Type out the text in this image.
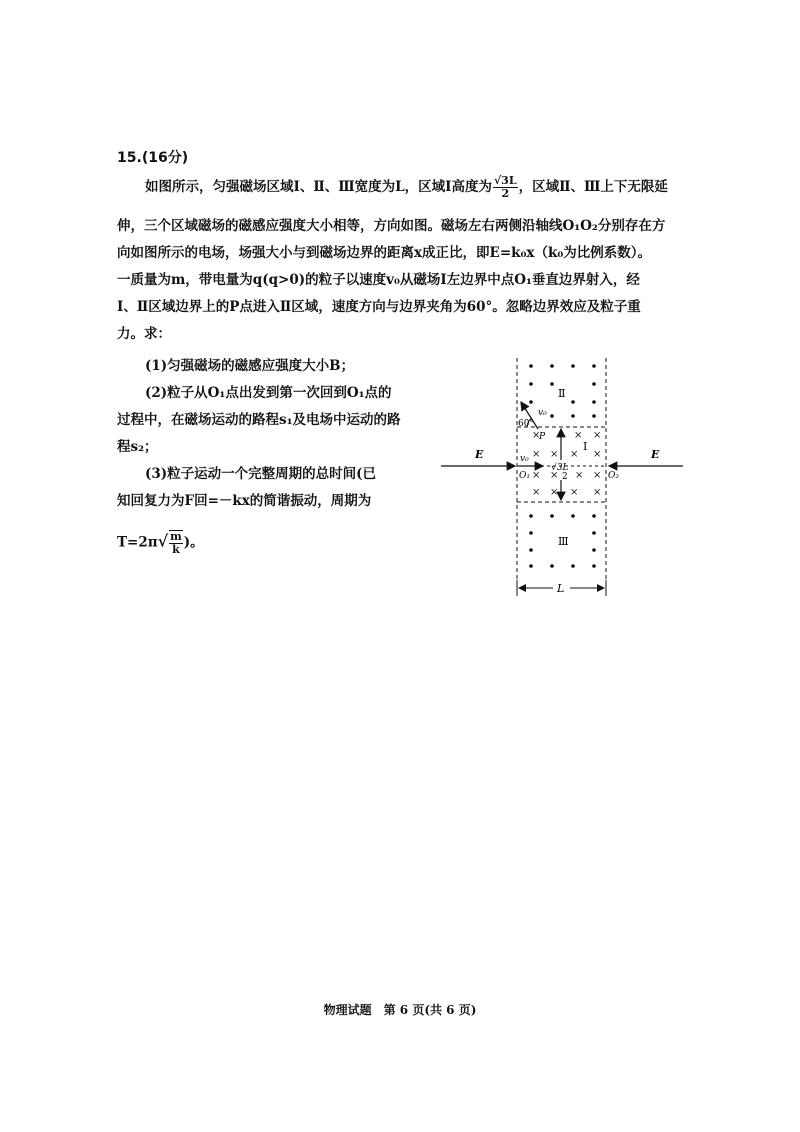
15.(16分)
如图所示，匀强磁场区域Ⅰ、Ⅱ、Ⅲ宽度为L，区域Ⅰ高度为 $\frac{√3L}{2}$ ，区域Ⅱ、Ⅲ上下无限延
伸，三个区域磁场的磁感应强度大小相等，方向如图。磁场左右两侧沿轴线O₁O₂分别存在方
向如图所示的电场，场强大小与到磁场边界的距离x成正比，即E=k₀x（k₀为比例系数）。
一质量为m，带电量为q(q>0)的粒子以速度v₀从磁场Ⅰ左边界中点O₁垂直边界射入，经
Ⅰ、Ⅱ区域边界上的P点进入Ⅱ区域，速度方向与边界夹角为60°。忽略边界效应及粒子重
力。求：
(1)匀强磁场的磁感应强度大小B；
(2)粒子从O₁点出发到第一次回到O₁点的
过程中，在磁场运动的路程s₁及电场中运动的路
程s₂；
(3)粒子运动一个完整周期的总时间(已
知回复力为F回=－kx的简谐振动，周期为
$T=2\pi√ \frac{m}{k}$ )。
×	× ×
× × × ×
× × × ×
× × × ×
E	E
Ⅱ
Ⅰ
Ⅲ
v₀
60°
P
v₀
O₁	O₂
√3L
2
L
物理试题　第 6 页(共 6 页)
